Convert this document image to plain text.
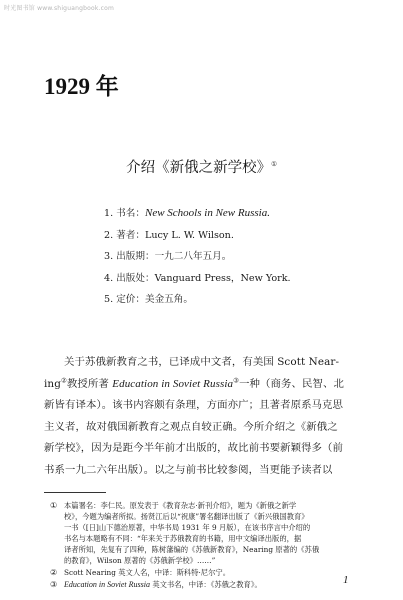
时光图书馆 www.shiguangbook.com
1929 年
介绍《新俄之新学校》①
1. 书名：New Schools in New Russia.
2. 著者：Lucy L. W. Wilson.
3. 出版期：一九二八年五月。
4. 出版处：Vanguard Press，New York.
5. 定价：美金五角。
关于苏俄新教育之书，已译成中文者，有美国 Scott Near-
ing②教授所著 Education in Soviet Russia③一种（商务、民智、北
新皆有译本）。该书内容颇有条理，方面亦广；且著者原系马克思
主义者，故对俄国新教育之观点自较正确。今所介绍之《新俄之
新学校》，因为是距今半年前才出版的，故比前书要新颖得多（前
书系一九二六年出版）。以之与前书比较参阅，当更能予读者以
① 本篇署名：李仁民。原发表于《教育杂志·新刊介绍》，题为《新俄之新学
校》，今题为编者所拟。扬贤江后以“祝康”署名翻译出版了《新兴俄国教育》
一书（[日]山下德治原著，中华书局 1931 年 9 月版），在该书序言中介绍的
书名与本题略有不同：“年来关于苏俄教育的书籍，用中文编译出版的，据
译者所知，先复有了四种，陈树藩编的《苏俄新教育》，Nearing 原著的《苏俄
的教育》，Wilson 原著的《苏俄新学校》……”
② Scott Nearing 英文人名，中译：斯科特·尼尔宁。
③ Education in Soviet Russia 英文书名，中译：《苏俄之教育》。	1
